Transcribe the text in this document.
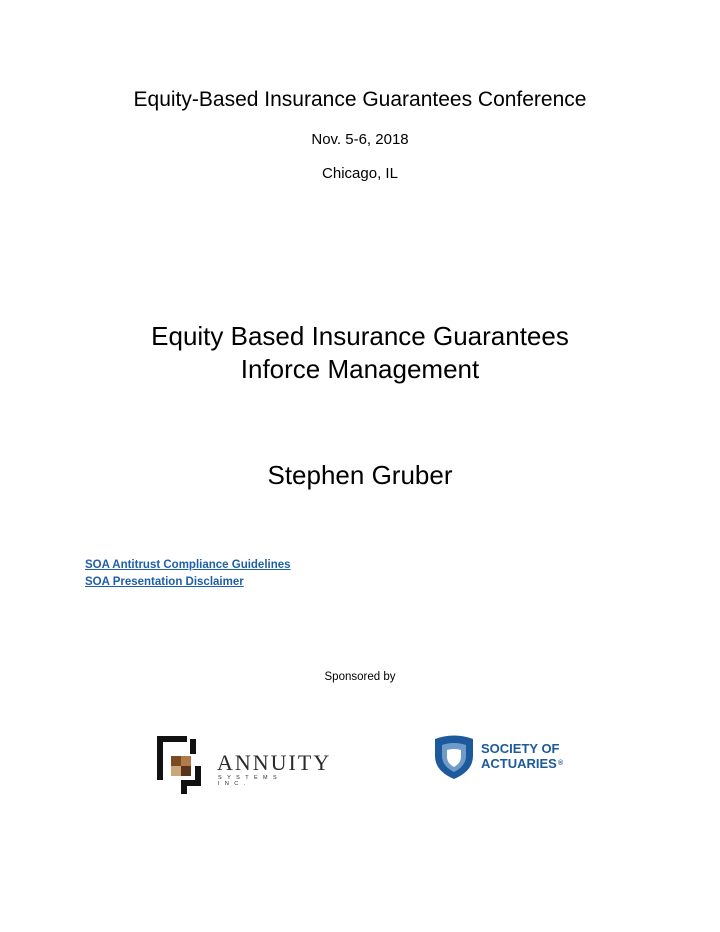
Equity-Based Insurance Guarantees Conference
Nov. 5-6, 2018
Chicago, IL
Equity Based Insurance Guarantees
Inforce Management
Stephen Gruber
SOA Antitrust Compliance Guidelines
SOA Presentation Disclaimer
Sponsored by
ANNUITY
SYSTEMS INC.
SOCIETY OF
ACTUARIES ®
